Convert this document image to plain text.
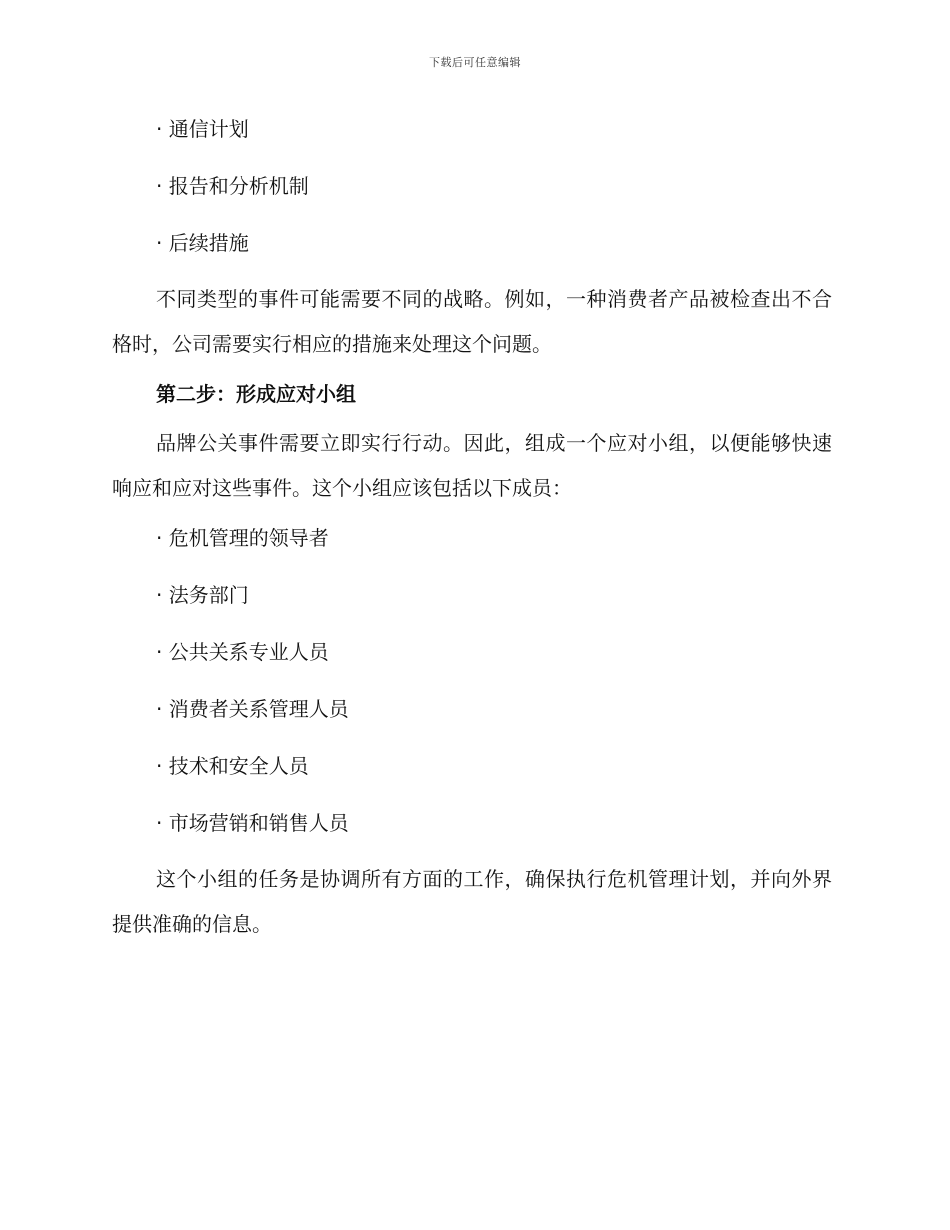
下载后可任意编辑
· 通信计划
· 报告和分析机制
· 后续措施

不同类型的事件可能需要不同的战略。例如，一种消费者产品被检查出不合格时，公司需要实行相应的措施来处理这个问题。

第二步：形成应对小组

品牌公关事件需要立即实行行动。因此，组成一个应对小组，以便能够快速响应和应对这些事件。这个小组应该包括以下成员：

· 危机管理的领导者
· 法务部门
· 公共关系专业人员
· 消费者关系管理人员
· 技术和安全人员
· 市场营销和销售人员

这个小组的任务是协调所有方面的工作，确保执行危机管理计划，并向外界提供准确的信息。
